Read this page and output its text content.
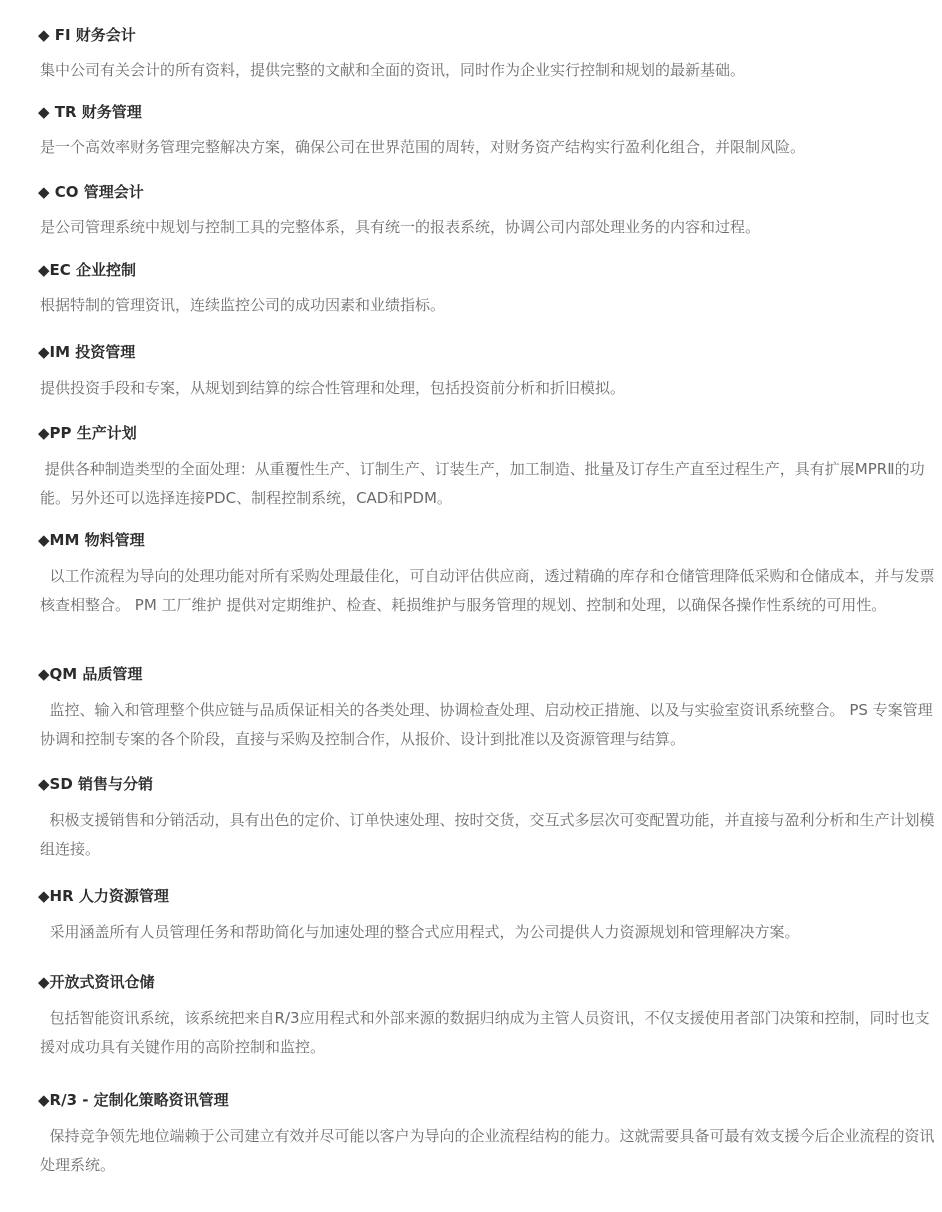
◆ FI 财务会计
集中公司有关会计的所有资料，提供完整的文献和全面的资讯，同时作为企业实行控制和规划的最新基础。
◆ TR 财务管理
是一个高效率财务管理完整解决方案，确保公司在世界范围的周转，对财务资产结构实行盈利化组合，并限制风险。
◆ CO 管理会计
是公司管理系统中规划与控制工具的完整体系，具有统一的报表系统，协调公司内部处理业务的内容和过程。
◆EC 企业控制
根据特制的管理资讯，连续监控公司的成功因素和业绩指标。
◆IM 投资管理
提供投资手段和专案，从规划到结算的综合性管理和处理，包括投资前分析和折旧模拟。
◆PP 生产计划
提供各种制造类型的全面处理：从重覆性生产、订制生产、订装生产，加工制造、批量及订存生产直至过程生产，具有扩展MPRⅡ的功能。另外还可以选择连接PDC、制程控制系统，CAD和PDM。
◆MM 物料管理
以工作流程为导向的处理功能对所有采购处理最佳化，可自动评估供应商，透过精确的库存和仓储管理降低采购和仓储成本，并与发票核查相整合。 PM 工厂维护 提供对定期维护、检查、耗损维护与服务管理的规划、控制和处理，以确保各操作性系统的可用性。
◆QM 品质管理
监控、输入和管理整个供应链与品质保证相关的各类处理、协调检查处理、启动校正措施、以及与实验室资讯系统整合。 PS 专案管理 协调和控制专案的各个阶段，直接与采购及控制合作，从报价、设计到批准以及资源管理与结算。
◆SD 销售与分销
积极支援销售和分销活动，具有出色的定价、订单快速处理、按时交货，交互式多层次可变配置功能，并直接与盈利分析和生产计划模组连接。
◆HR 人力资源管理
采用涵盖所有人员管理任务和帮助简化与加速处理的整合式应用程式，为公司提供人力资源规划和管理解决方案。
◆开放式资讯仓储
包括智能资讯系统，该系统把来自R/3应用程式和外部来源的数据归纳成为主管人员资讯，不仅支援使用者部门决策和控制，同时也支援对成功具有关键作用的高阶控制和监控。
◆R/3 - 定制化策略资讯管理
保持竞争领先地位端赖于公司建立有效并尽可能以客户为导向的企业流程结构的能力。这就需要具备可最有效支援今后企业流程的资讯处理系统。
